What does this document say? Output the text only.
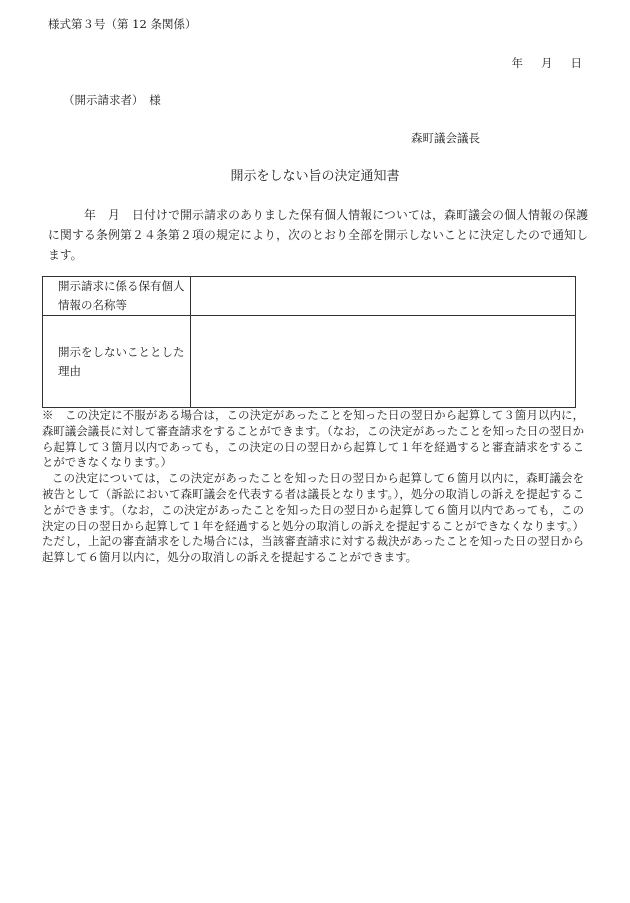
様式第３号（第 12 条関係）
年 月 日
（開示請求者）　様
森町議会議長
開示をしない旨の決定通知書
年　月　日付けで開示請求のありました保有個人情報については，森町議会の個人情報の保護に関する条例第２４条第２項の規定により，次のとおり全部を開示しないことに決定したので通知します。
開示請求に係る保有個人情報の名称等	
開示をしないこととした理由	

※　この決定に不服がある場合は，この決定があったことを知った日の翌日から起算して３箇月以内に，森町議会議長に対して審査請求をすることができます。（なお，この決定があったことを知った日の翌日から起算して３箇月以内であっても，この決定の日の翌日から起算して１年を経過すると審査請求をすることができなくなります。）

この決定については，この決定があったことを知った日の翌日から起算して６箇月以内に，森町議会を被告として（訴訟において森町議会を代表する者は議長となります。），処分の取消しの訴えを提起することができます。（なお，この決定があったことを知った日の翌日から起算して６箇月以内であっても，この決定の日の翌日から起算して１年を経過すると処分の取消しの訴えを提起することができなくなります。）ただし，上記の審査請求をした場合には，当該審査請求に対する裁決があったことを知った日の翌日から起算して６箇月以内に，処分の取消しの訴えを提起することができます。
